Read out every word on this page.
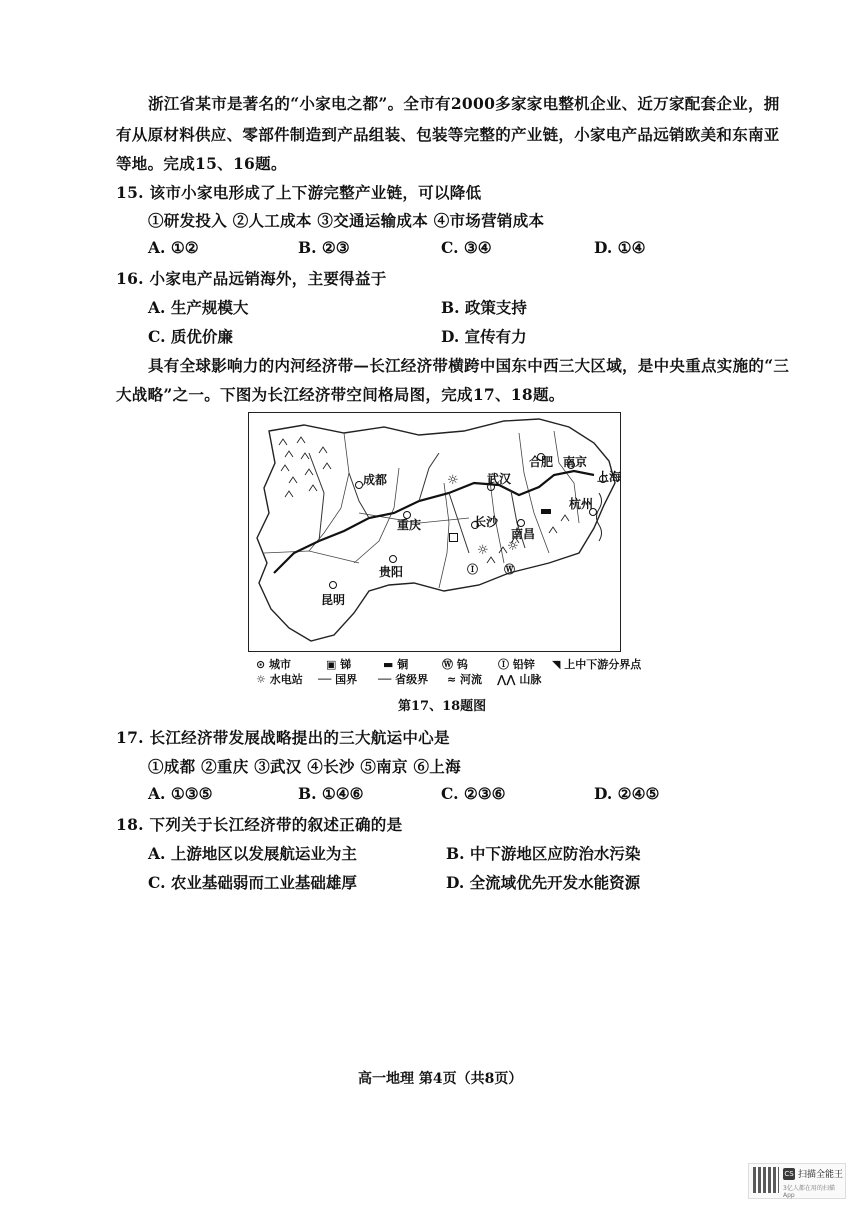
浙江省某市是著名的“小家电之都”。全市有2000多家家电整机企业、近万家配套企业，拥
有从原材料供应、零部件制造到产品组装、包装等完整的产业链，小家电产品远销欧美和东南亚
等地。完成15、16题。
15. 该市小家电形成了上下游完整产业链，可以降低
①研发投入 ②人工成本 ③交通运输成本 ④市场营销成本
A. ①②	B. ②③	C. ③④	D. ①④
16. 小家电产品远销海外，主要得益于
A. 生产规模大	B. 政策支持
C. 质优价廉	D. 宣传有力
具有全球影响力的内河经济带—长江经济带横跨中国东中西三大区域，是中央重点实施的“三
大战略”之一。下图为长江经济带空间格局图，完成17、18题。
成都
重庆
武汉
长沙
南昌
贵阳
昆明
合肥 南京
上海
杭州
☼
☼ ☼
Ⓦ
Ⓘ
⊙ 城市	▣ 锑	▬ 铜	Ⓦ 钨	Ⓘ 铅锌 ◥ 上中下游分界点
☼ 水电站 ── 国界 ── 省级界 ≈ 河流 ⋀⋀ 山脉
第17、18题图
17. 长江经济带发展战略提出的三大航运中心是
①成都 ②重庆 ③武汉 ④长沙 ⑤南京 ⑥上海
A. ①③⑤	B. ①④⑥	C. ②③⑥	D. ②④⑤
18. 下列关于长江经济带的叙述正确的是
A. 上游地区以发展航运业为主	B. 中下游地区应防治水污染
C. 农业基础弱而工业基础雄厚	D. 全流域优先开发水能资源
高一地理 第4页（共8页）
CS 扫描全能王
3亿人都在用的扫描App
